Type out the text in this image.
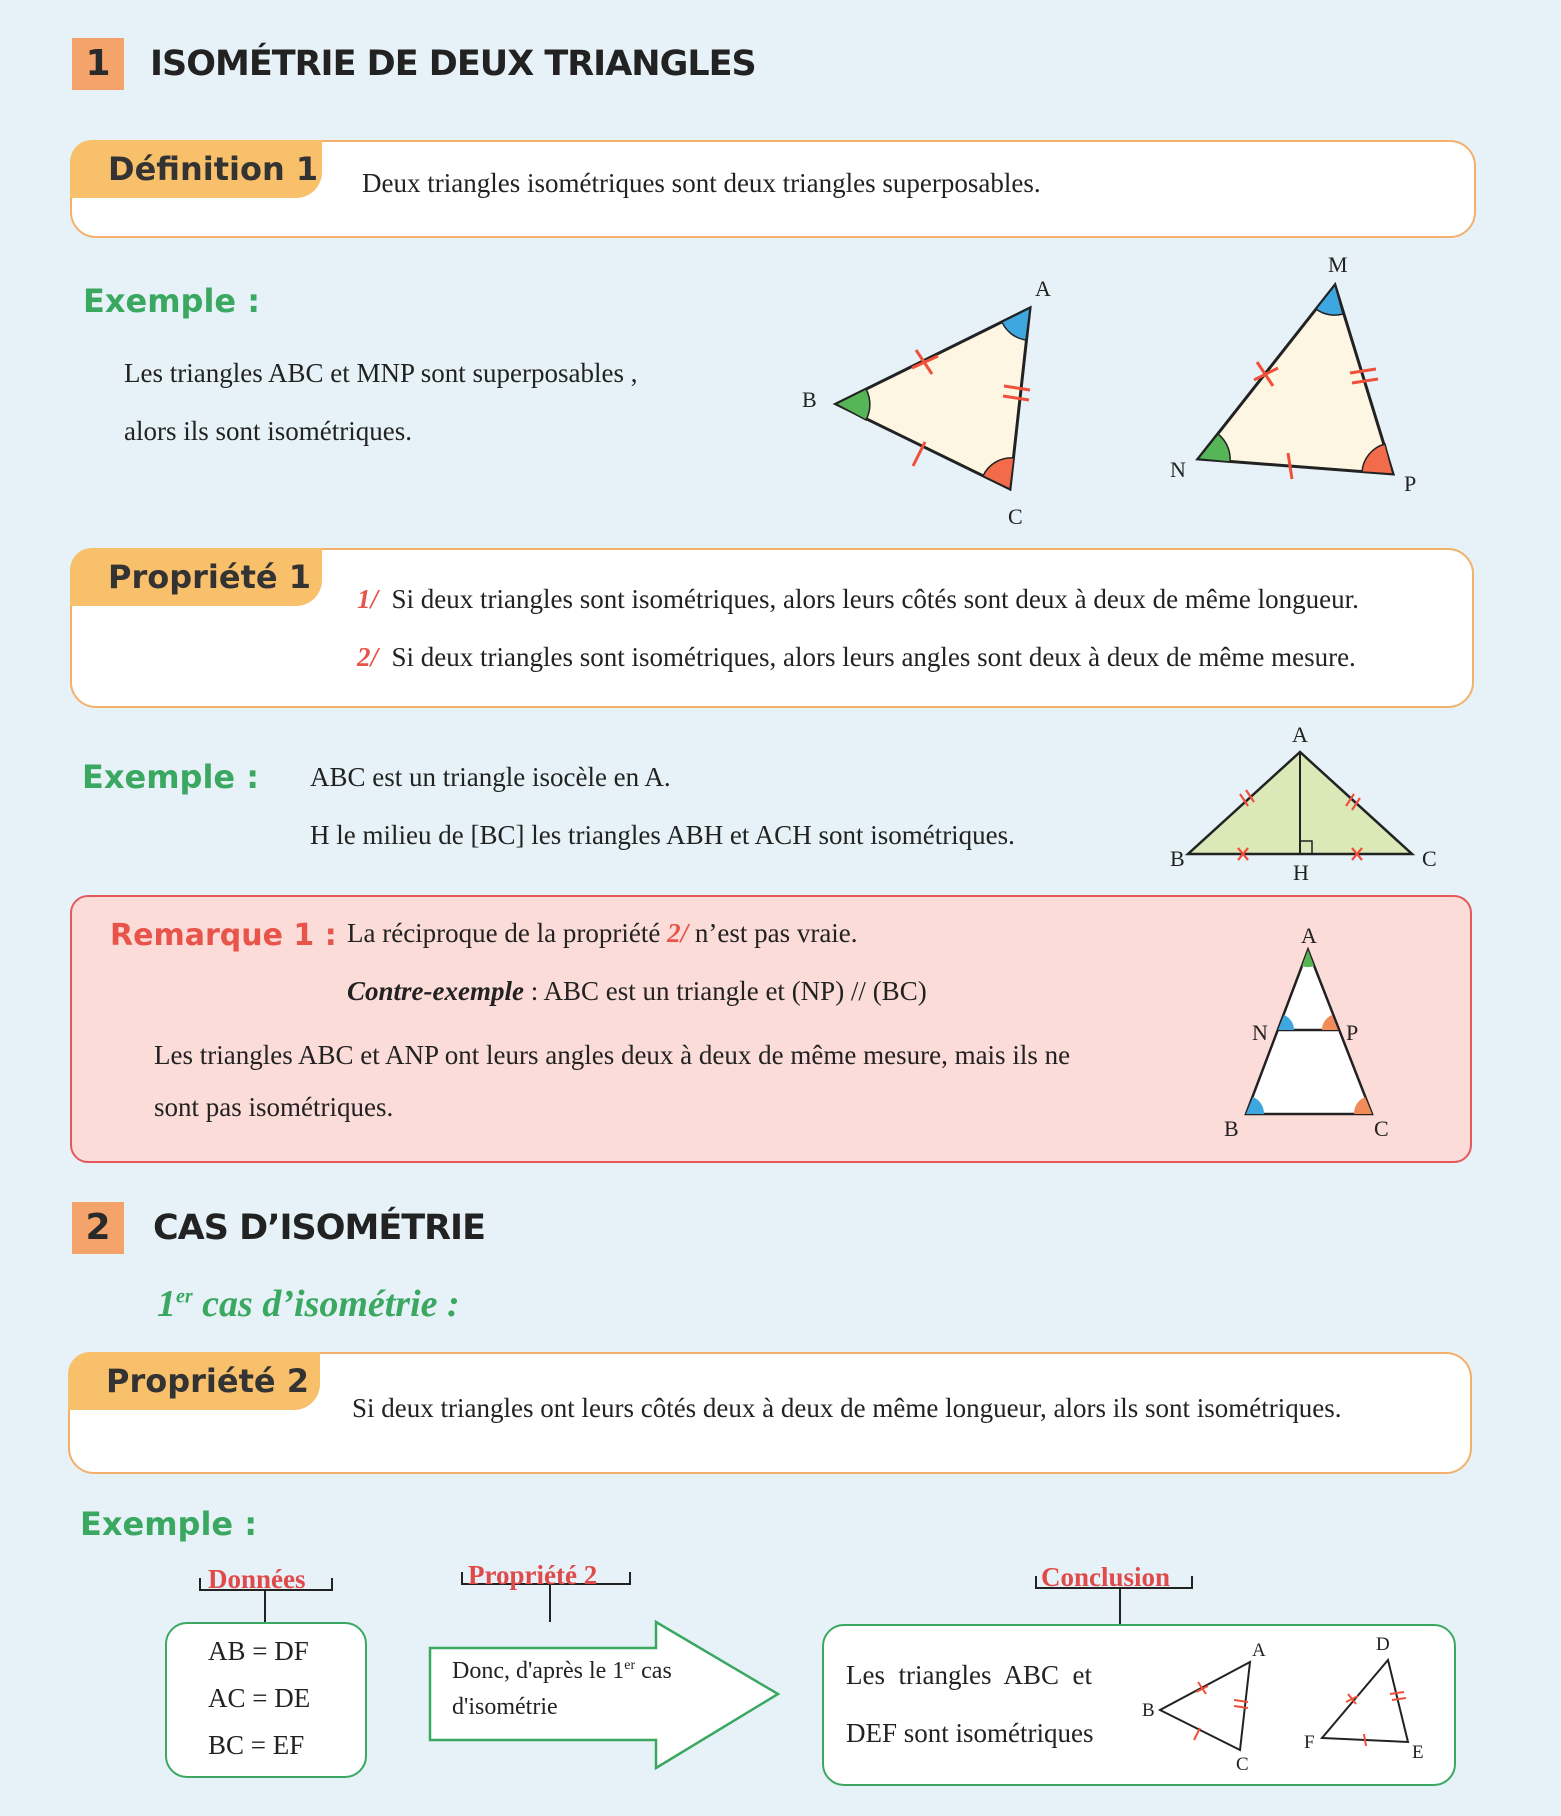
1	ISOMÉTRIE DE DEUX TRIANGLES
Définition 1 Deux triangles isométriques sont deux triangles superposables.
Exemple :
Les triangles ABC et MNP sont superposables ,
alors ils sont isométriques.
A
B
C
M
N
P
Propriété 1
1/ Si deux triangles sont isométriques, alors leurs côtés sont deux à deux de même longueur.
2/ Si deux triangles sont isométriques, alors leurs angles sont deux à deux de même mesure.
Exemple : ABC est un triangle isocèle en A.
H le milieu de [BC] les triangles ABH et ACH sont isométriques.
A
B	C
H
Remarque 1 : La réciproque de la propriété 2/ n’est pas vraie.
Contre-exemple : ABC est un triangle et (NP) // (BC)
Les triangles ABC et ANP ont leurs angles deux à deux de même mesure, mais ils ne
sont pas isométriques.
A
N	P
B	C
2	CAS D’ISOMÉTRIE
1er cas d’isométrie :
Propriété 2
Si deux triangles ont leurs côtés deux à deux de même longueur, alors ils sont isométriques.
Exemple :
Données
AB = DF
AC = DE
BC = EF
Propriété 2
Donc, d'après le 1er cas
d'isométrie
Conclusion
Les  triangles  ABC  et
DEF sont isométriques
A
B
C
D
E
F
